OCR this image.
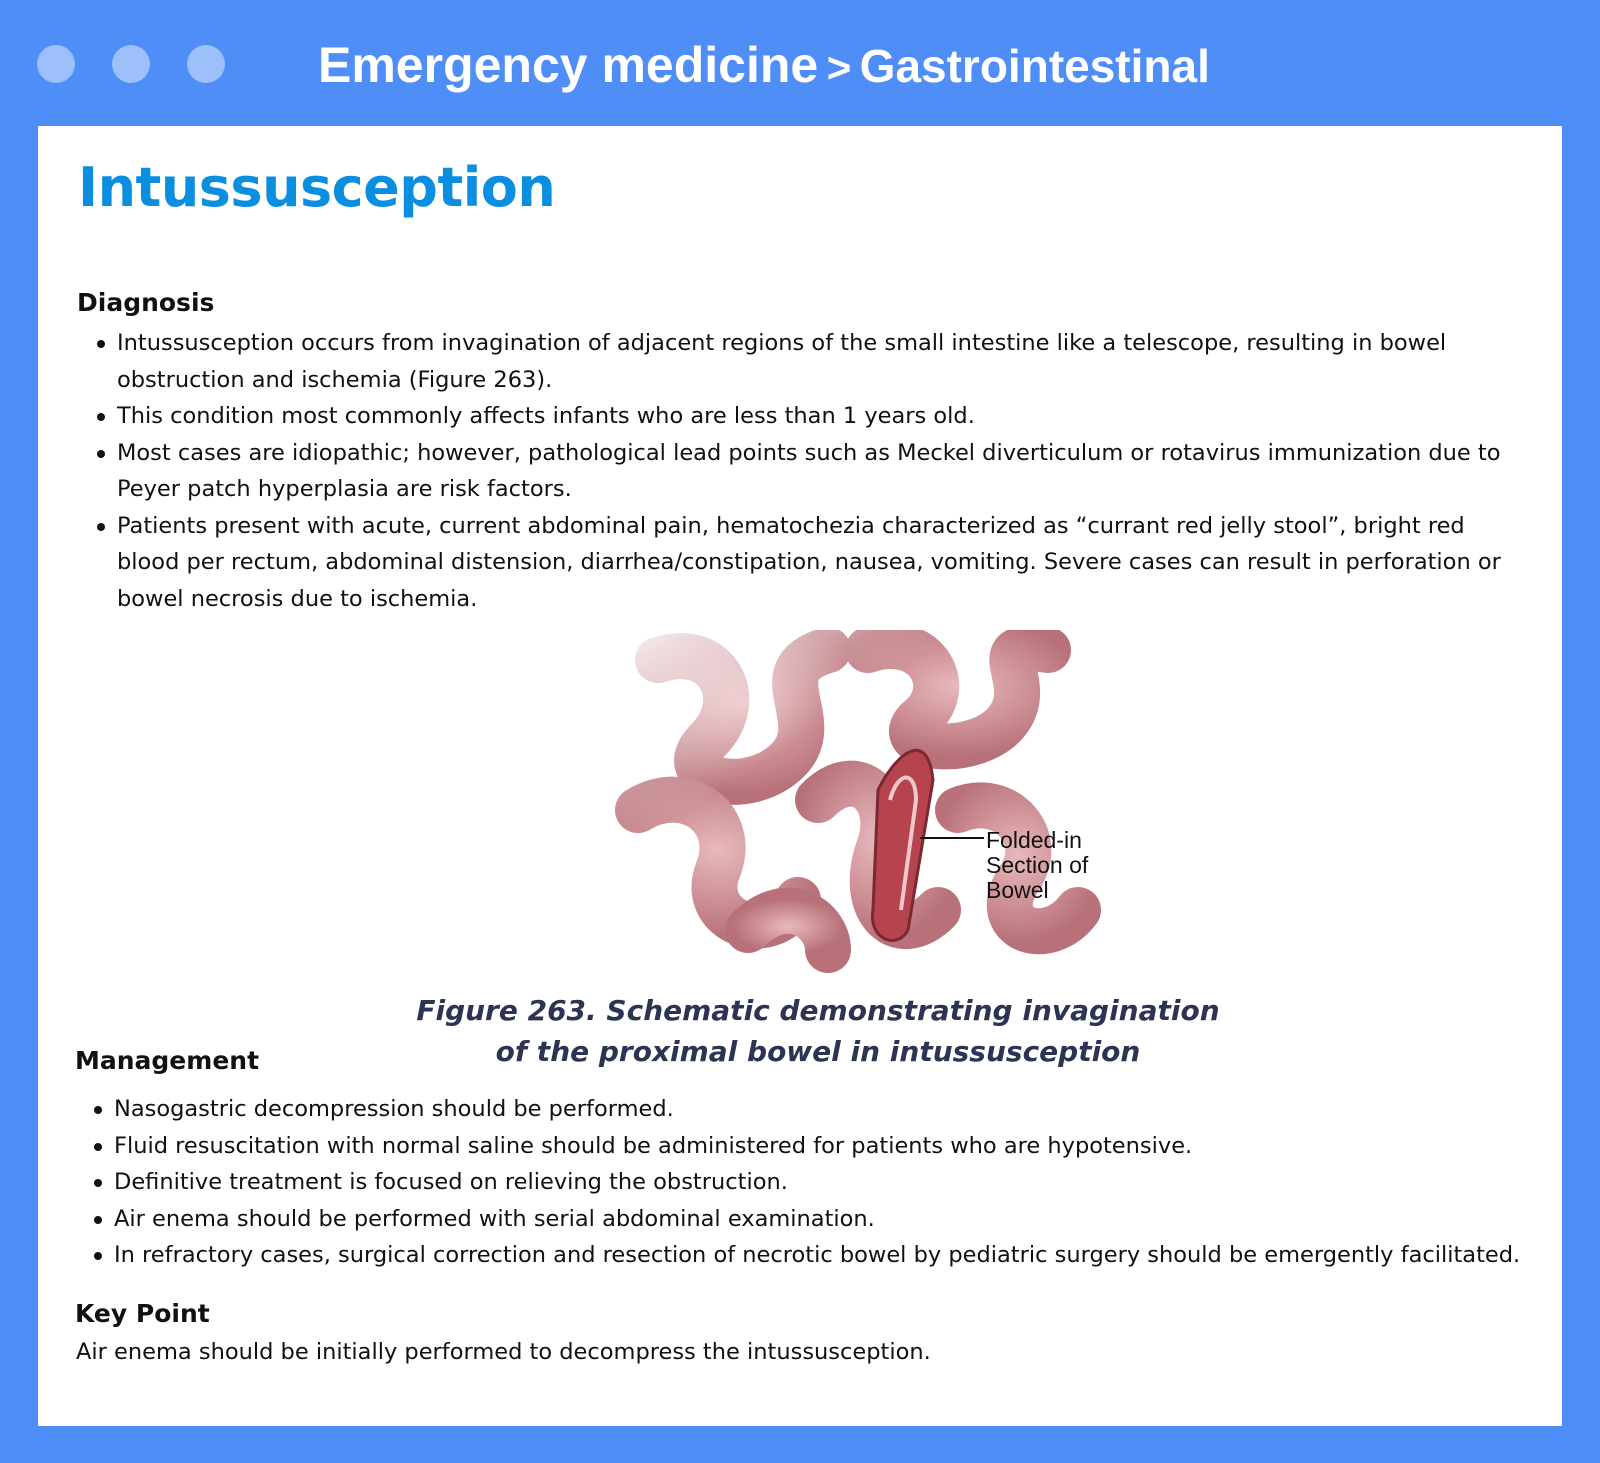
Emergency medicine > Gastrointestinal
Intussusception
Diagnosis
Intussusception occurs from invagination of adjacent regions of the small intestine like a telescope, resulting in bowel obstruction and ischemia (Figure 263).
This condition most commonly affects infants who are less than 1 years old.
Most cases are idiopathic; however, pathological lead points such as Meckel diverticulum or rotavirus immunization due to Peyer patch hyperplasia are risk factors.
Patients present with acute, current abdominal pain, hematochezia characterized as “currant red jelly stool”, bright red blood per rectum, abdominal distension, diarrhea/constipation, nausea, vomiting. Severe cases can result in perforation or bowel necrosis due to ischemia.
Folded-in
Section of
Bowel
Figure 263. Schematic demonstrating invagination of the proximal bowel in intussusception
Management
Nasogastric decompression should be performed.
Fluid resuscitation with normal saline should be administered for patients who are hypotensive.
Definitive treatment is focused on relieving the obstruction.
Air enema should be performed with serial abdominal examination.
In refractory cases, surgical correction and resection of necrotic bowel by pediatric surgery should be emergently facilitated.
Key Point

Air enema should be initially performed to decompress the intussusception.
